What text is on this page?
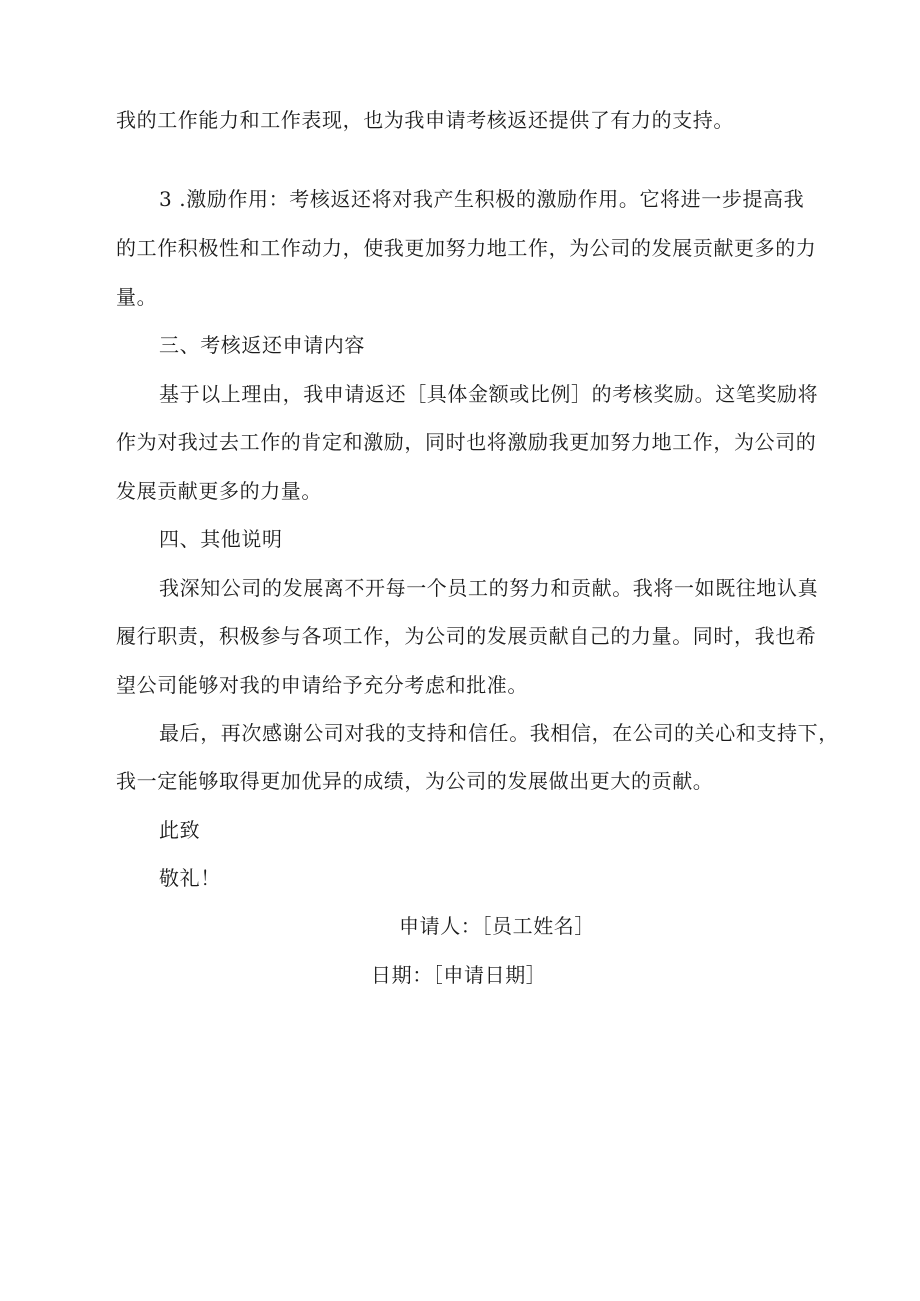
我的工作能力和工作表现，也为我申请考核返还提供了有力的支持。
3 .激励作用：考核返还将对我产生积极的激励作用。它将进一步提高我
的工作积极性和工作动力，使我更加努力地工作，为公司的发展贡献更多的力
量。
三、考核返还申请内容
基于以上理由，我申请返还［具体金额或比例］的考核奖励。这笔奖励将
作为对我过去工作的肯定和激励，同时也将激励我更加努力地工作，为公司的
发展贡献更多的力量。
四、其他说明
我深知公司的发展离不开每一个员工的努力和贡献。我将一如既往地认真
履行职责，积极参与各项工作，为公司的发展贡献自己的力量。同时，我也希
望公司能够对我的申请给予充分考虑和批准。
最后，再次感谢公司对我的支持和信任。我相信，在公司的关心和支持下，
我一定能够取得更加优异的成绩，为公司的发展做出更大的贡献。
此致
敬礼！
申请人：［员工姓名］
日期：［申请日期］
